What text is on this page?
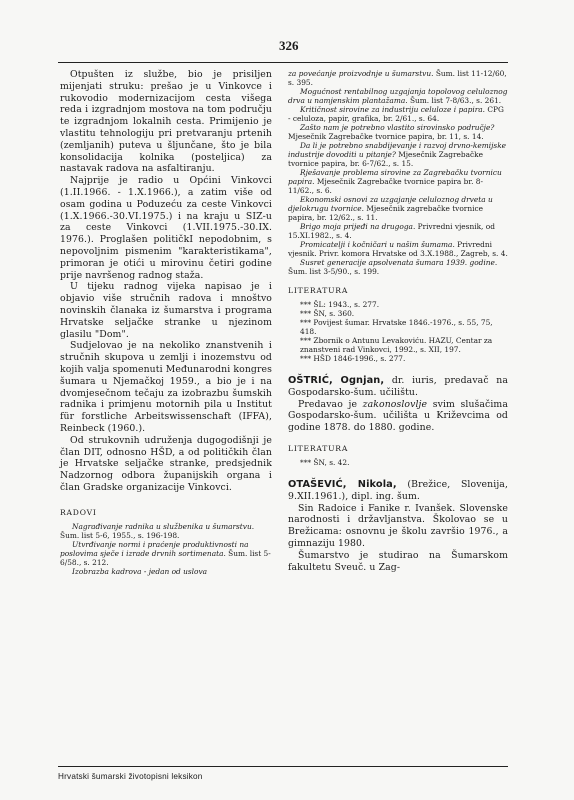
326

Otpušten iz službe, bio je prisiljen mijenjati struku: prešao je u Vinkovce i rukovodio modernizacijom cesta višega reda i izgradnjom mostova na tom području te izgradnjom lokalnih cesta. Primijenio je vlastitu tehnologiju pri pretvaranju prtenih (zemljanih) puteva u šljunčane, što je bila konsolidacija kolnika (posteljica) za nastavak radova na asfaltiranju.

Najprije je radio u Općini Vinkovci (1.II.1966. - 1.X.1966.), a zatim više od osam godina u Poduzeću za ceste Vinkovci (1.X.1966.-30.VI.1975.) i na kraju u SIZ-u za ceste Vinkovci (1.VII.1975.-30.IX. 1976.). Proglašen političkI nepodobnim, s nepovoljnim pismenim "karakteristikama", primoran je otići u mirovinu četiri godine prije navršenog radnog staža.

U tijeku radnog vijeka napisao je i objavio više stručnih radova i mnoštvo novinskih članaka iz šumarstva i programa Hrvatske seljačke stranke u njezinom glasilu "Dom".

Sudjelovao je na nekoliko znanstvenih i stručnih skupova u zemlji i inozemstvu od kojih valja spomenuti Međunarodni kongres šumara u Njemačkoj 1959., a bio je i na dvomjesečnom tečaju za izobrazbu šumskih radnika i primjenu motornih pila u Institut für forstliche Arbeitswissenschaft (IFFA), Reinbeck (1960.).

Od strukovnih udruženja dugogodišnji je član DIT, odnosno HŠD, a od političkih član je Hrvatske seljačke stranke, predsjednik Nadzornog odbora županijskih organa i član Gradske organizacije Vinkovci.

RADOVI
Nagrađivanje radnika u službenika u šumarstvu. Šum. list 5-6, 1955., s. 196-198.
Utvrđivanje normi i praćenje produktivnosti na poslovima sječe i izrade drvnih sortimenata. Šum. list 5-6/58., s. 212.
Izobrazba kadrova - jedan od uslova
za povećanje proizvodnje u šumarstvu. Šum. list 11-12/60, s. 395.
Mogućnost rentabilnog uzgajanja topolovog celuloznog drva u namjenskim plantažama. Šum. list 7-8/63., s. 261.
Kritičnost sirovine za industriju celuloze i papira. CPG - celuloza, papir, grafika, br. 2/61., s. 64.
Zašto nam je potrebno vlastito sirovinsko područje? Mjesečnik Zagrebačke tvornice papira, br. 11, s. 14.
Da li je potrebno snabdijevanje i razvoj drvno-kemijske industrije dovoditi u pitanje? Mjesečnik Zagrebačke tvornice papira, br. 6-7/62., s. 15.
Rješavanje problema sirovine za Zagrebačku tvornicu papira. Mjesečnik Zagrebačke tvornice papira br. 8-11/62., s. 6.
Ekonomski osnovi za uzgajanje celuloznog drveta u djelokrugu tvornice. Mjesečnik zagrebačke tvornice papira, br. 12/62., s. 11.
Brigo moja prijeđi na drugoga. Privredni vjesnik, od 15.XI.1982., s. 4.
Promicatelji i kočničari u našim šumama. Privredni vjesnik. Privr. komora Hrvatske od 3.X.1988., Zagreb, s. 4.
Susret generacije apsolvenata šumara 1939. godine. Šum. list 3-5/90., s. 199.
LITERATURA
*** ŠL: 1943., s. 277.
*** ŠN, s. 360.
*** Povijest šumar. Hrvatske 1846.-1976., s. 55, 75, 418.
*** Zbornik o Antunu Levakoviću. HAZU, Centar za znanstveni rad Vinkovci, 1992., s. XII, 197.
*** HŠD 1846-1996., s. 277.

OŠTRIĆ, Ognjan, dr. iuris, predavač na Gospodarsko-šum. učilištu.

Predavao je zakonoslovlje svim slušačima Gospodarsko-šum. učilišta u Križevcima od godine 1878. do 1880. godine.

LITERATURA
*** ŠN, s. 42.

OTAŠEVIĆ, Nikola, (Brežice, Slovenija, 9.XII.1961.), dipl. ing. šum.

Sin Radoice i Fanike r. Ivanšek. Slovenske narodnosti i državljanstva. Školovao se u Brežicama: osnovnu je školu završio 1976., a gimnaziju 1980.

Šumarstvo je studirao na Šumarskom fakultetu Sveuč. u Zag-

Hrvatski šumarski životopisni leksikon
